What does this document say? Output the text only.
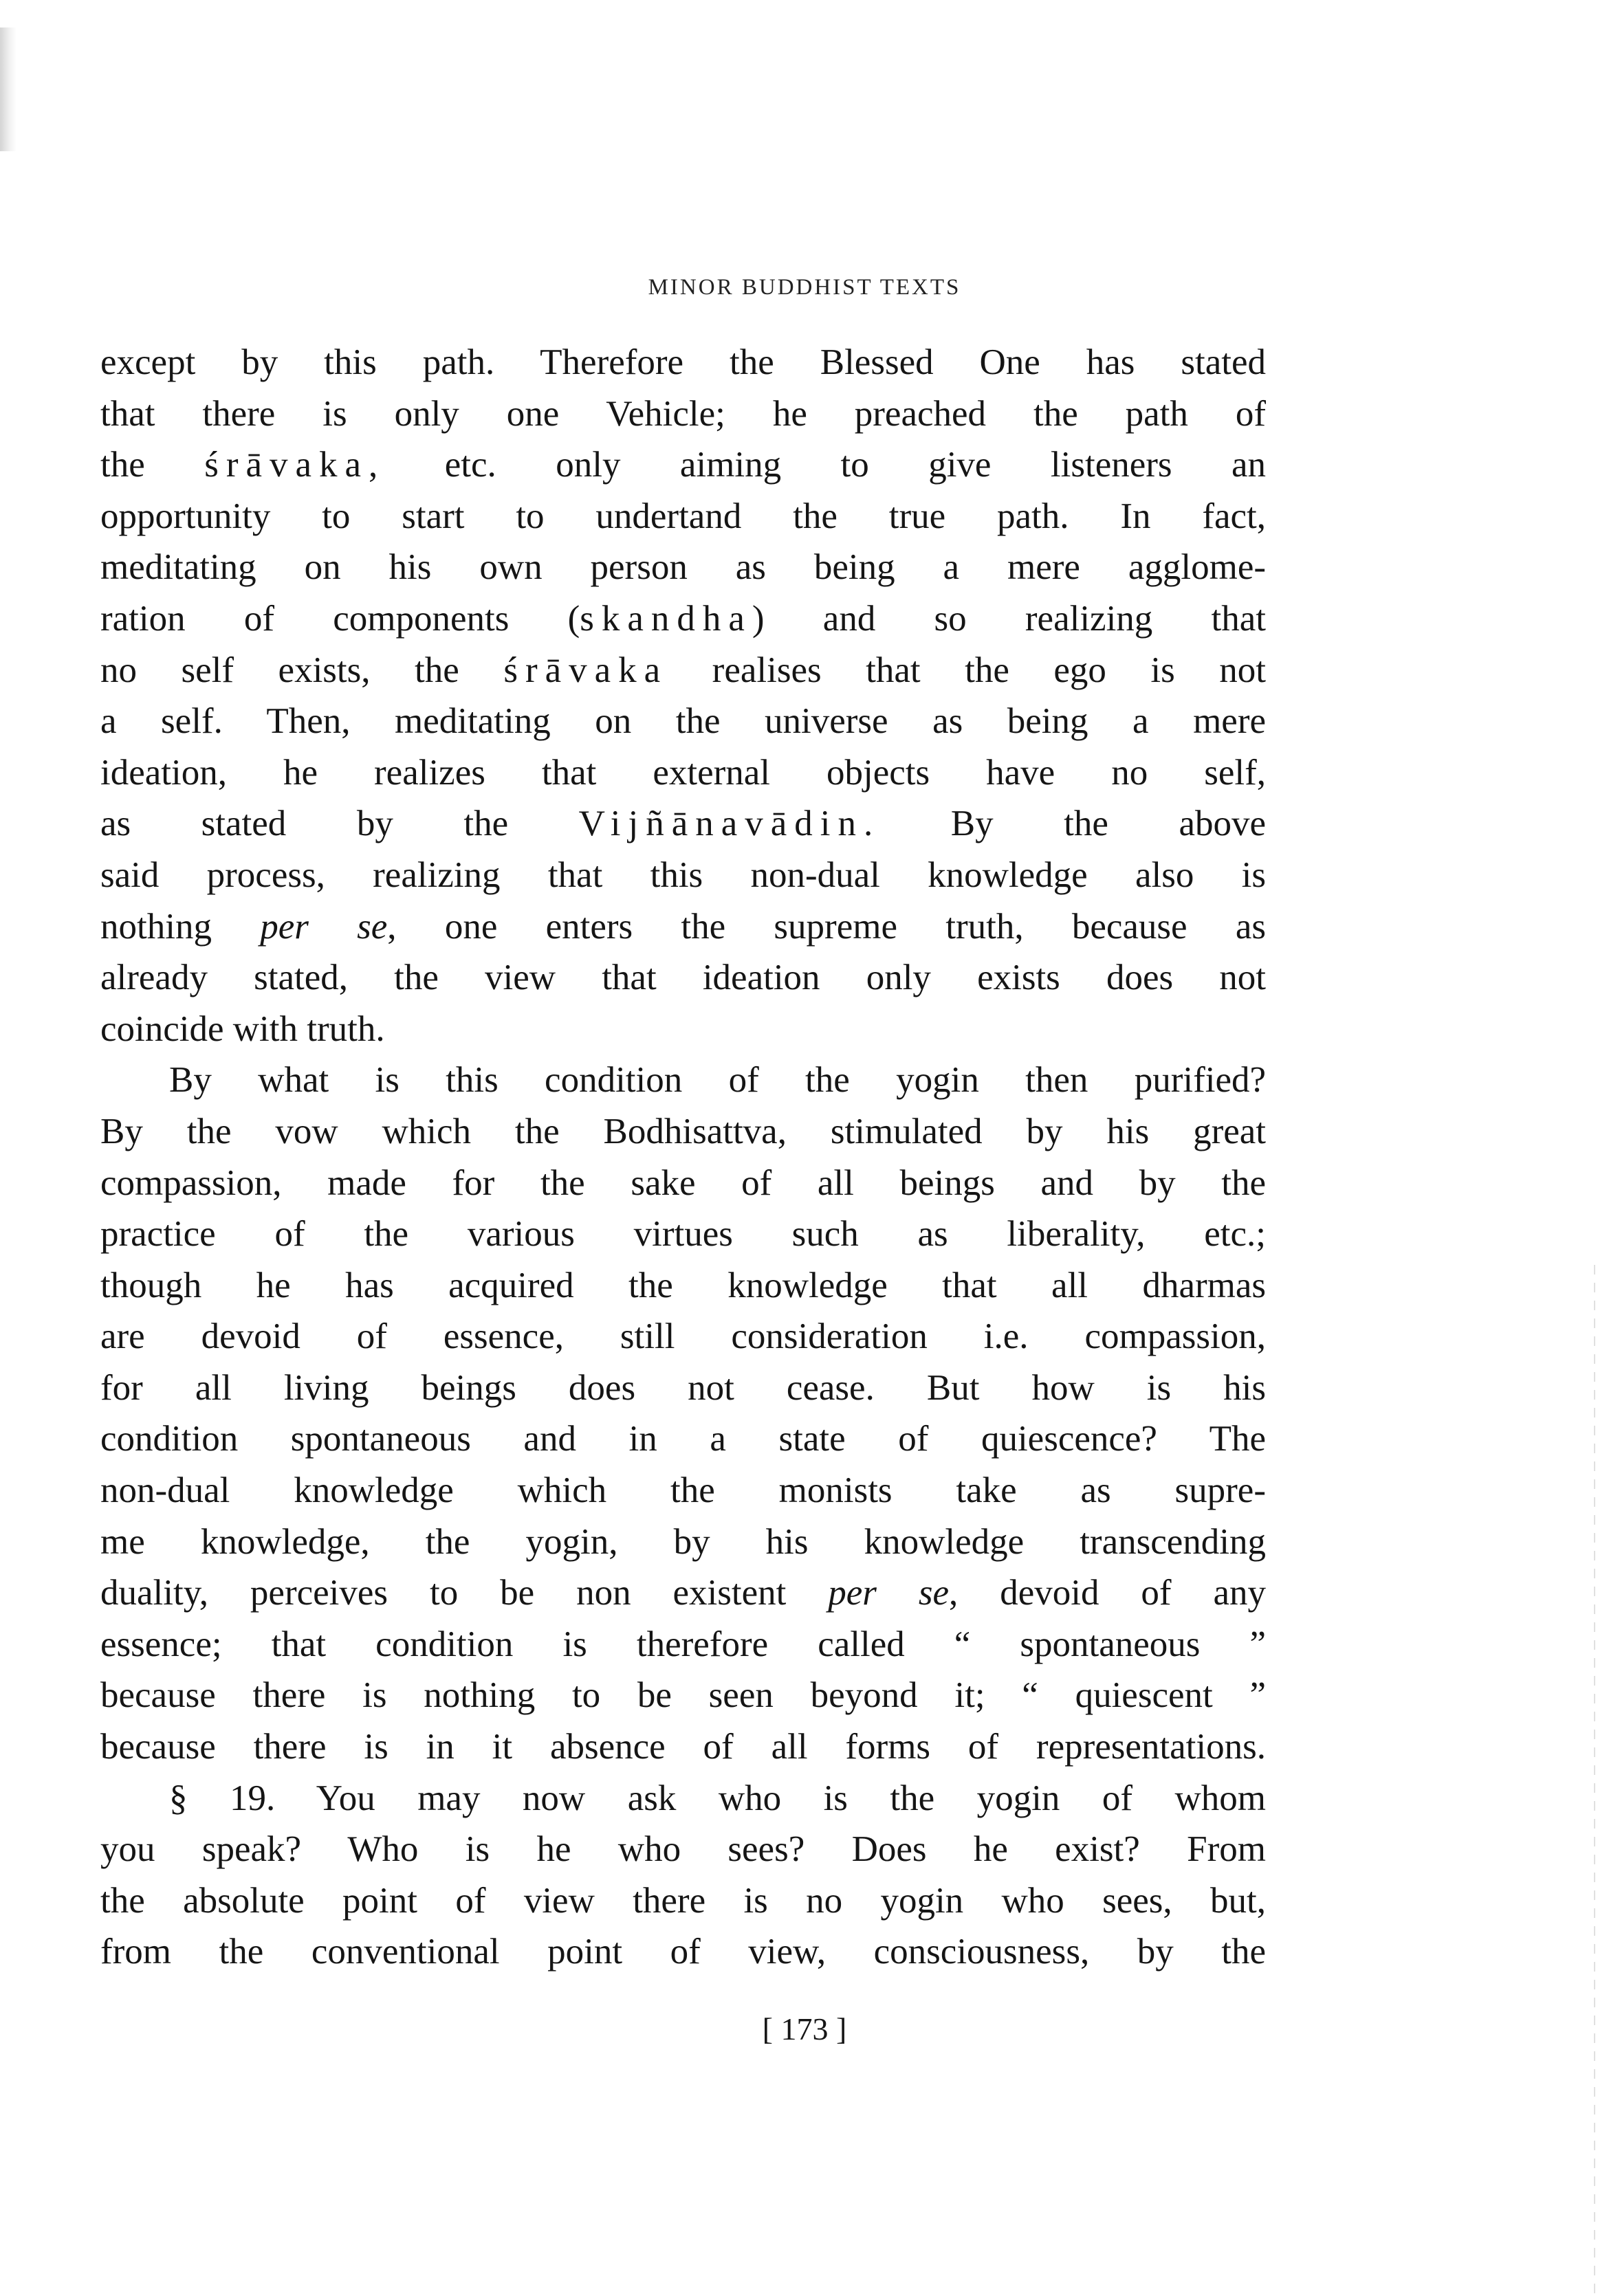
MINOR BUDDHIST TEXTS
except by this path. Therefore the Blessed One has stated
that there is only one Vehicle; he preached the path of
the śrāvaka, etc. only aiming to give listeners an
opportunity to start to undertand the true path. In fact,
meditating on his own person as being a mere agglome-
ration of components (skandha) and so realizing that
no self exists, the śrāvaka realises that the ego is not
a self. Then, meditating on the universe as being a mere
ideation, he realizes that external objects have no self,
as stated by the Vijñānavādin. By the above
said process, realizing that this non-dual knowledge also is
nothing per se, one enters the supreme truth, because as
already stated, the view that ideation only exists does not
coincide with truth.
By what is this condition of the yogin then purified?
By the vow which the Bodhisattva, stimulated by his great
compassion, made for the sake of all beings and by the
practice of the various virtues such as liberality, etc.;
though he has acquired the knowledge that all dharmas
are devoid of essence, still consideration i.e. compassion,
for all living beings does not cease. But how is his
condition spontaneous and in a state of quiescence? The
non-dual knowledge which the monists take as supre-
me knowledge, the yogin, by his knowledge transcending
duality, perceives to be non existent per se, devoid of any
essence; that condition is therefore called “ spontaneous ”
because there is nothing to be seen beyond it; “ quiescent ”
because there is in it absence of all forms of representations.
§ 19. You may now ask who is the yogin of whom
you speak? Who is he who sees? Does he exist? From
the absolute point of view there is no yogin who sees, but,
from the conventional point of view, consciousness, by the
[ 173 ]
